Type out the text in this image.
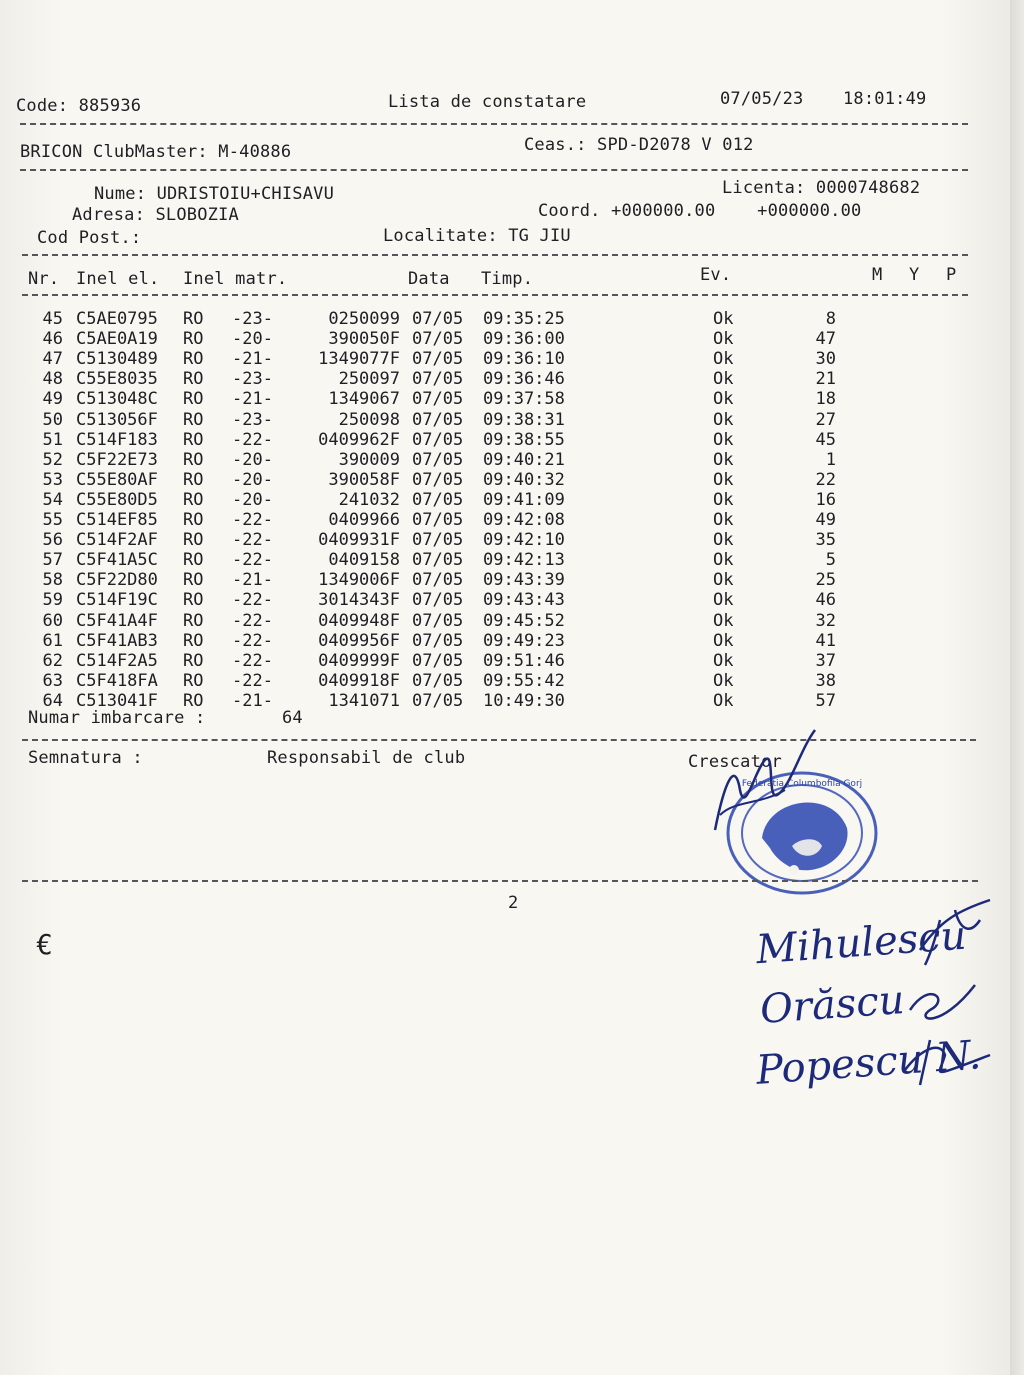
Code: 885936	Lista de constatare	07/05/23 18:01:49
BRICON ClubMaster: M-40886	Ceas.: SPD-D2078 V 012
Nume: UDRISTOIU+CHISAVU	Licenta: 0000748682
Adresa: SLOBOZIA	Coord. +000000.00    +000000.00
Cod Post.:	Localitate: TG JIU
Nr. Inel el. Inel matr.	Data Timp.	Ev.	M Y P
45 C5AE0795 RO -23-	0250099 07/05 09:35:25	Ok	8
46 C5AE0A19 RO -20-	390050F 07/05 09:36:00	Ok	47
47 C5130489 RO -21-	1349077F 07/05 09:36:10	Ok	30
48 C55E8035 RO -23-	250097 07/05 09:36:46	Ok	21
49 C513048C RO -21-	1349067 07/05 09:37:58	Ok	18
50 C513056F RO -23-	250098 07/05 09:38:31	Ok	27
51 C514F183 RO -22-	0409962F 07/05 09:38:55	Ok	45
52 C5F22E73 RO -20-	390009 07/05 09:40:21	Ok	1
53 C55E80AF RO -20-	390058F 07/05 09:40:32	Ok	22
54 C55E80D5 RO -20-	241032 07/05 09:41:09	Ok	16
55 C514EF85 RO -22-	0409966 07/05 09:42:08	Ok	49
56 C514F2AF RO -22-	0409931F 07/05 09:42:10	Ok	35
57 C5F41A5C RO -22-	0409158 07/05 09:42:13	Ok	5
58 C5F22D80 RO -21-	1349006F 07/05 09:43:39	Ok	25
59 C514F19C RO -22-	3014343F 07/05 09:43:43	Ok	46
60 C5F41A4F RO -22-	0409948F 07/05 09:45:52	Ok	32
61 C5F41AB3 RO -22-	0409956F 07/05 09:49:23	Ok	41
62 C514F2A5 RO -22-	0409999F 07/05 09:51:46	Ok	37
63 C5F418FA RO -22-	0409918F 07/05 09:55:42	Ok	38
64 C513041F RO -21-	1341071 07/05 10:49:30	Ok	57
Numar imbarcare :	64
Semnatura :	Responsabil de club	Crescator
Federatia Columbofila Gorj
2
€	Mihulescu
Orăscu
Popescu N.
